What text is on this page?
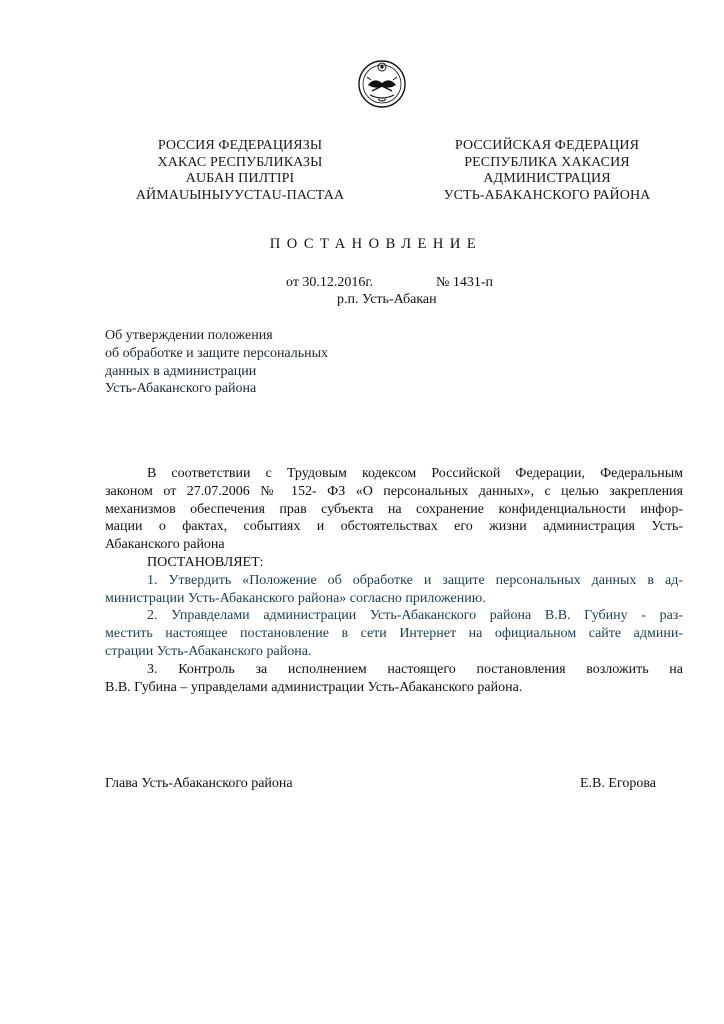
РОССИЯ ФЕДЕРАЦИЯЗЫ
ХАКАС РЕСПУБЛИКАЗЫ
АUБАН ПИЛТIРI
АЙМАUЫНЫУУСТАU-ПАСТАА
РОССИЙСКАЯ ФЕДЕРАЦИЯ
РЕСПУБЛИКА ХАКАСИЯ
АДМИНИСТРАЦИЯ
УСТЬ-АБАКАНСКОГО РАЙОНА
ПОСТАНОВЛЕНИЕ
от 30.12.2016г.	№ 1431-п
р.п. Усть-Абакан
Об утверждении положения
об обработке и защите персональных
данных в администрации
Усть-Абаканского района
В соответствии с Трудовым кодексом Российской Федерации, Федеральным
законом от 27.07.2006 № 152- ФЗ «О персональных данных», с целью закрепления
механизмов обеспечения прав субъекта на сохранение конфиденциальности инфор-
мации о фактах, событиях и обстоятельствах его жизни администрация Усть-
Абаканского района
ПОСТАНОВЛЯЕТ:
1. Утвердить «Положение об обработке и защите персональных данных в ад-
министрации Усть-Абаканского района» согласно приложению.
2. Управделами администрации Усть-Абаканского района В.В. Губину - раз-
местить настоящее постановление в сети Интернет на официальном сайте админи-
страции Усть-Абаканского района.
3. Контроль за исполнением настоящего постановления возложить на
В.В. Губина – управделами администрации Усть-Абаканского района.
Глава Усть-Абаканского района	Е.В. Егорова
